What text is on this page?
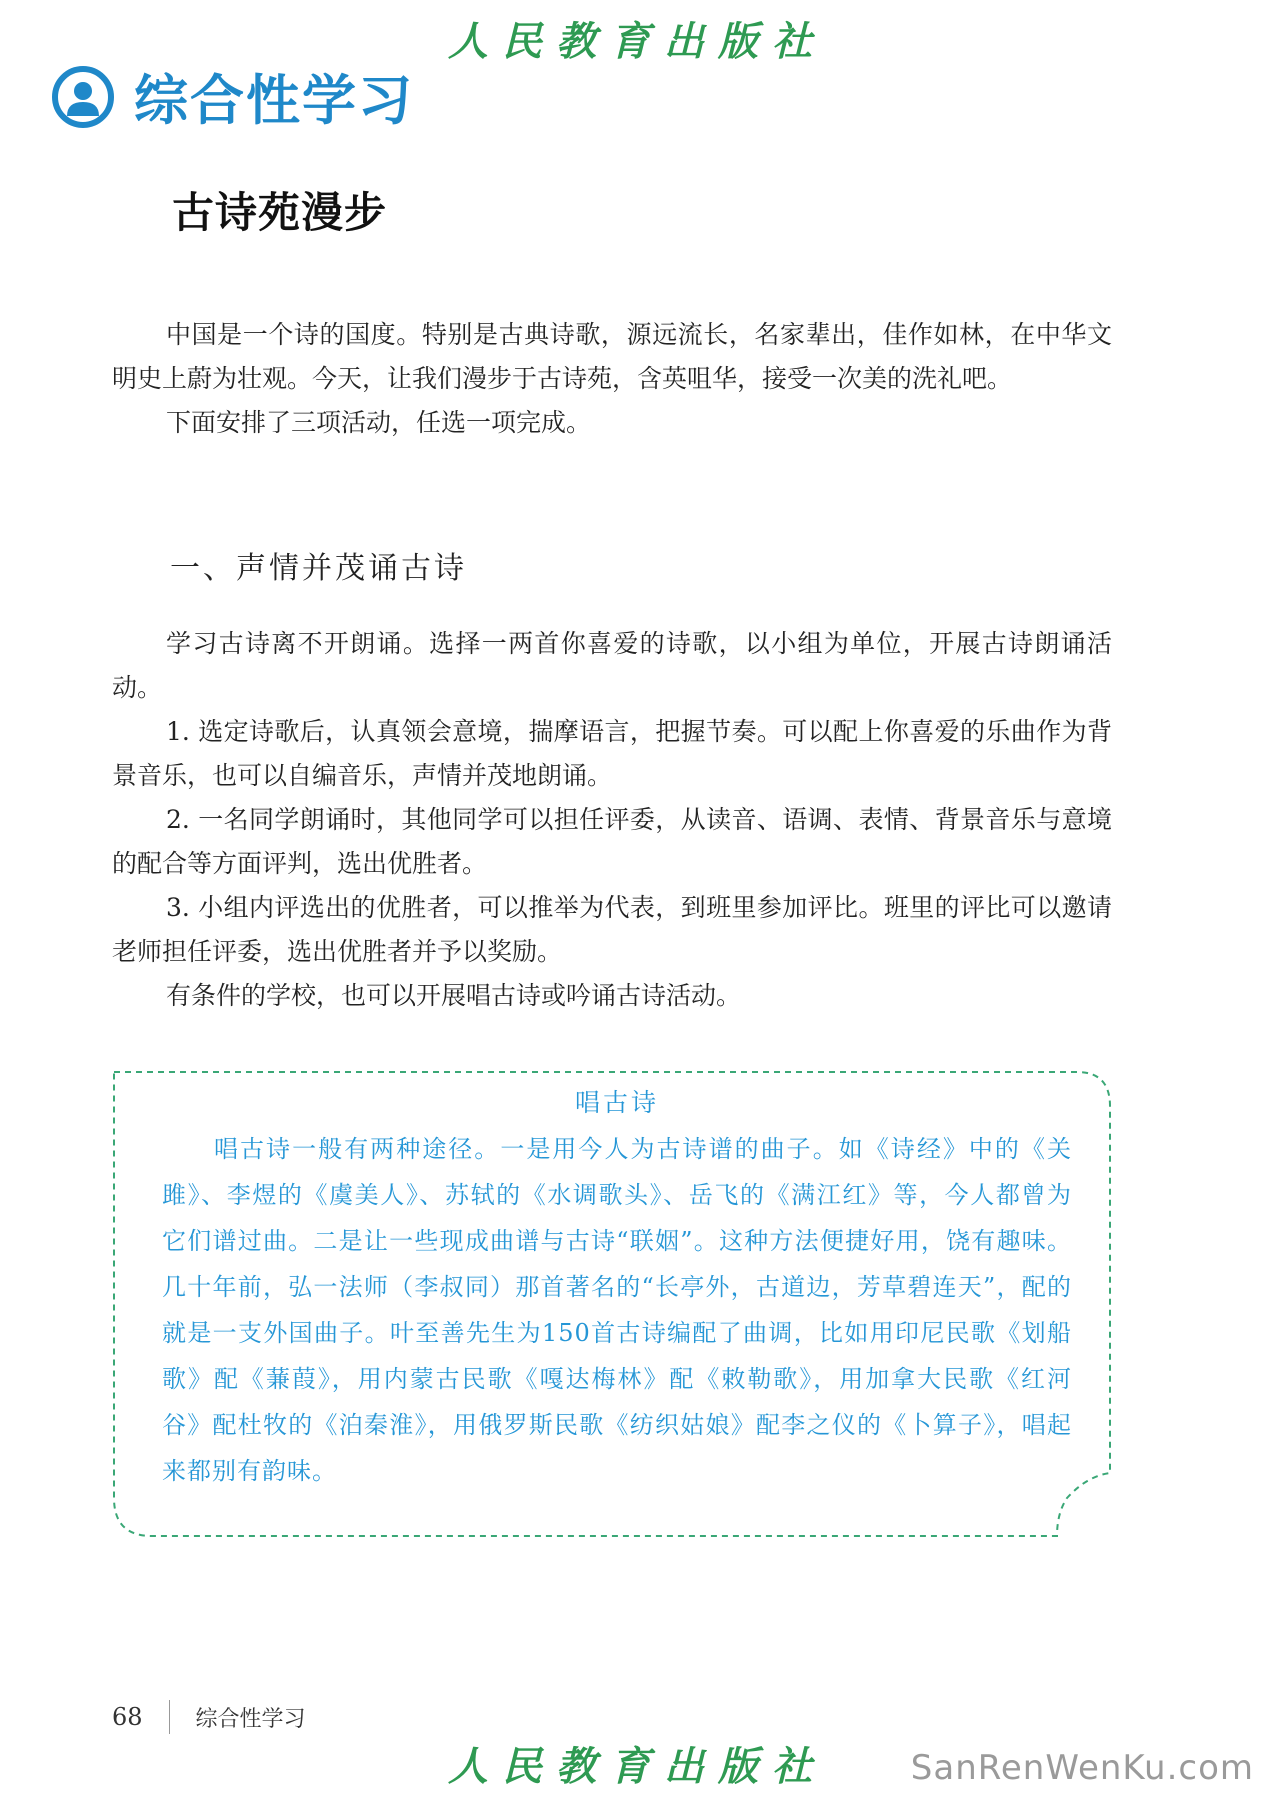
人民教育出版社
综合性学习
古诗苑漫步

中国是一个诗的国度。特别是古典诗歌，源远流长，名家辈出，佳作如林，在中华文明史上蔚为壮观。今天，让我们漫步于古诗苑，含英咀华，接受一次美的洗礼吧。

下面安排了三项活动，任选一项完成。

一、声情并茂诵古诗

学习古诗离不开朗诵。选择一两首你喜爱的诗歌，以小组为单位，开展古诗朗诵活动。

1. 选定诗歌后，认真领会意境，揣摩语言，把握节奏。可以配上你喜爱的乐曲作为背景音乐，也可以自编音乐，声情并茂地朗诵。

2. 一名同学朗诵时，其他同学可以担任评委，从读音、语调、表情、背景音乐与意境的配合等方面评判，选出优胜者。

3. 小组内评选出的优胜者，可以推举为代表，到班里参加评比。班里的评比可以邀请老师担任评委，选出优胜者并予以奖励。

有条件的学校，也可以开展唱古诗或吟诵古诗活动。

唱古诗

唱古诗一般有两种途径。一是用今人为古诗谱的曲子。如《诗经》中的《关雎》、李煜的《虞美人》、苏轼的《水调歌头》、岳飞的《满江红》等，今人都曾为它们谱过曲。二是让一些现成曲谱与古诗“联姻”。这种方法便捷好用，饶有趣味。几十年前，弘一法师（李叔同）那首著名的“长亭外，古道边，芳草碧连天”，配的就是一支外国曲子。叶至善先生为150首古诗编配了曲调，比如用印尼民歌《划船歌》配《蒹葭》，用内蒙古民歌《嘎达梅林》配《敕勒歌》，用加拿大民歌《红河谷》配杜牧的《泊秦淮》，用俄罗斯民歌《纺织姑娘》配李之仪的《卜算子》，唱起来都别有韵味。

68 综合性学习
人民教育出版社	SanRenWenKu.com
